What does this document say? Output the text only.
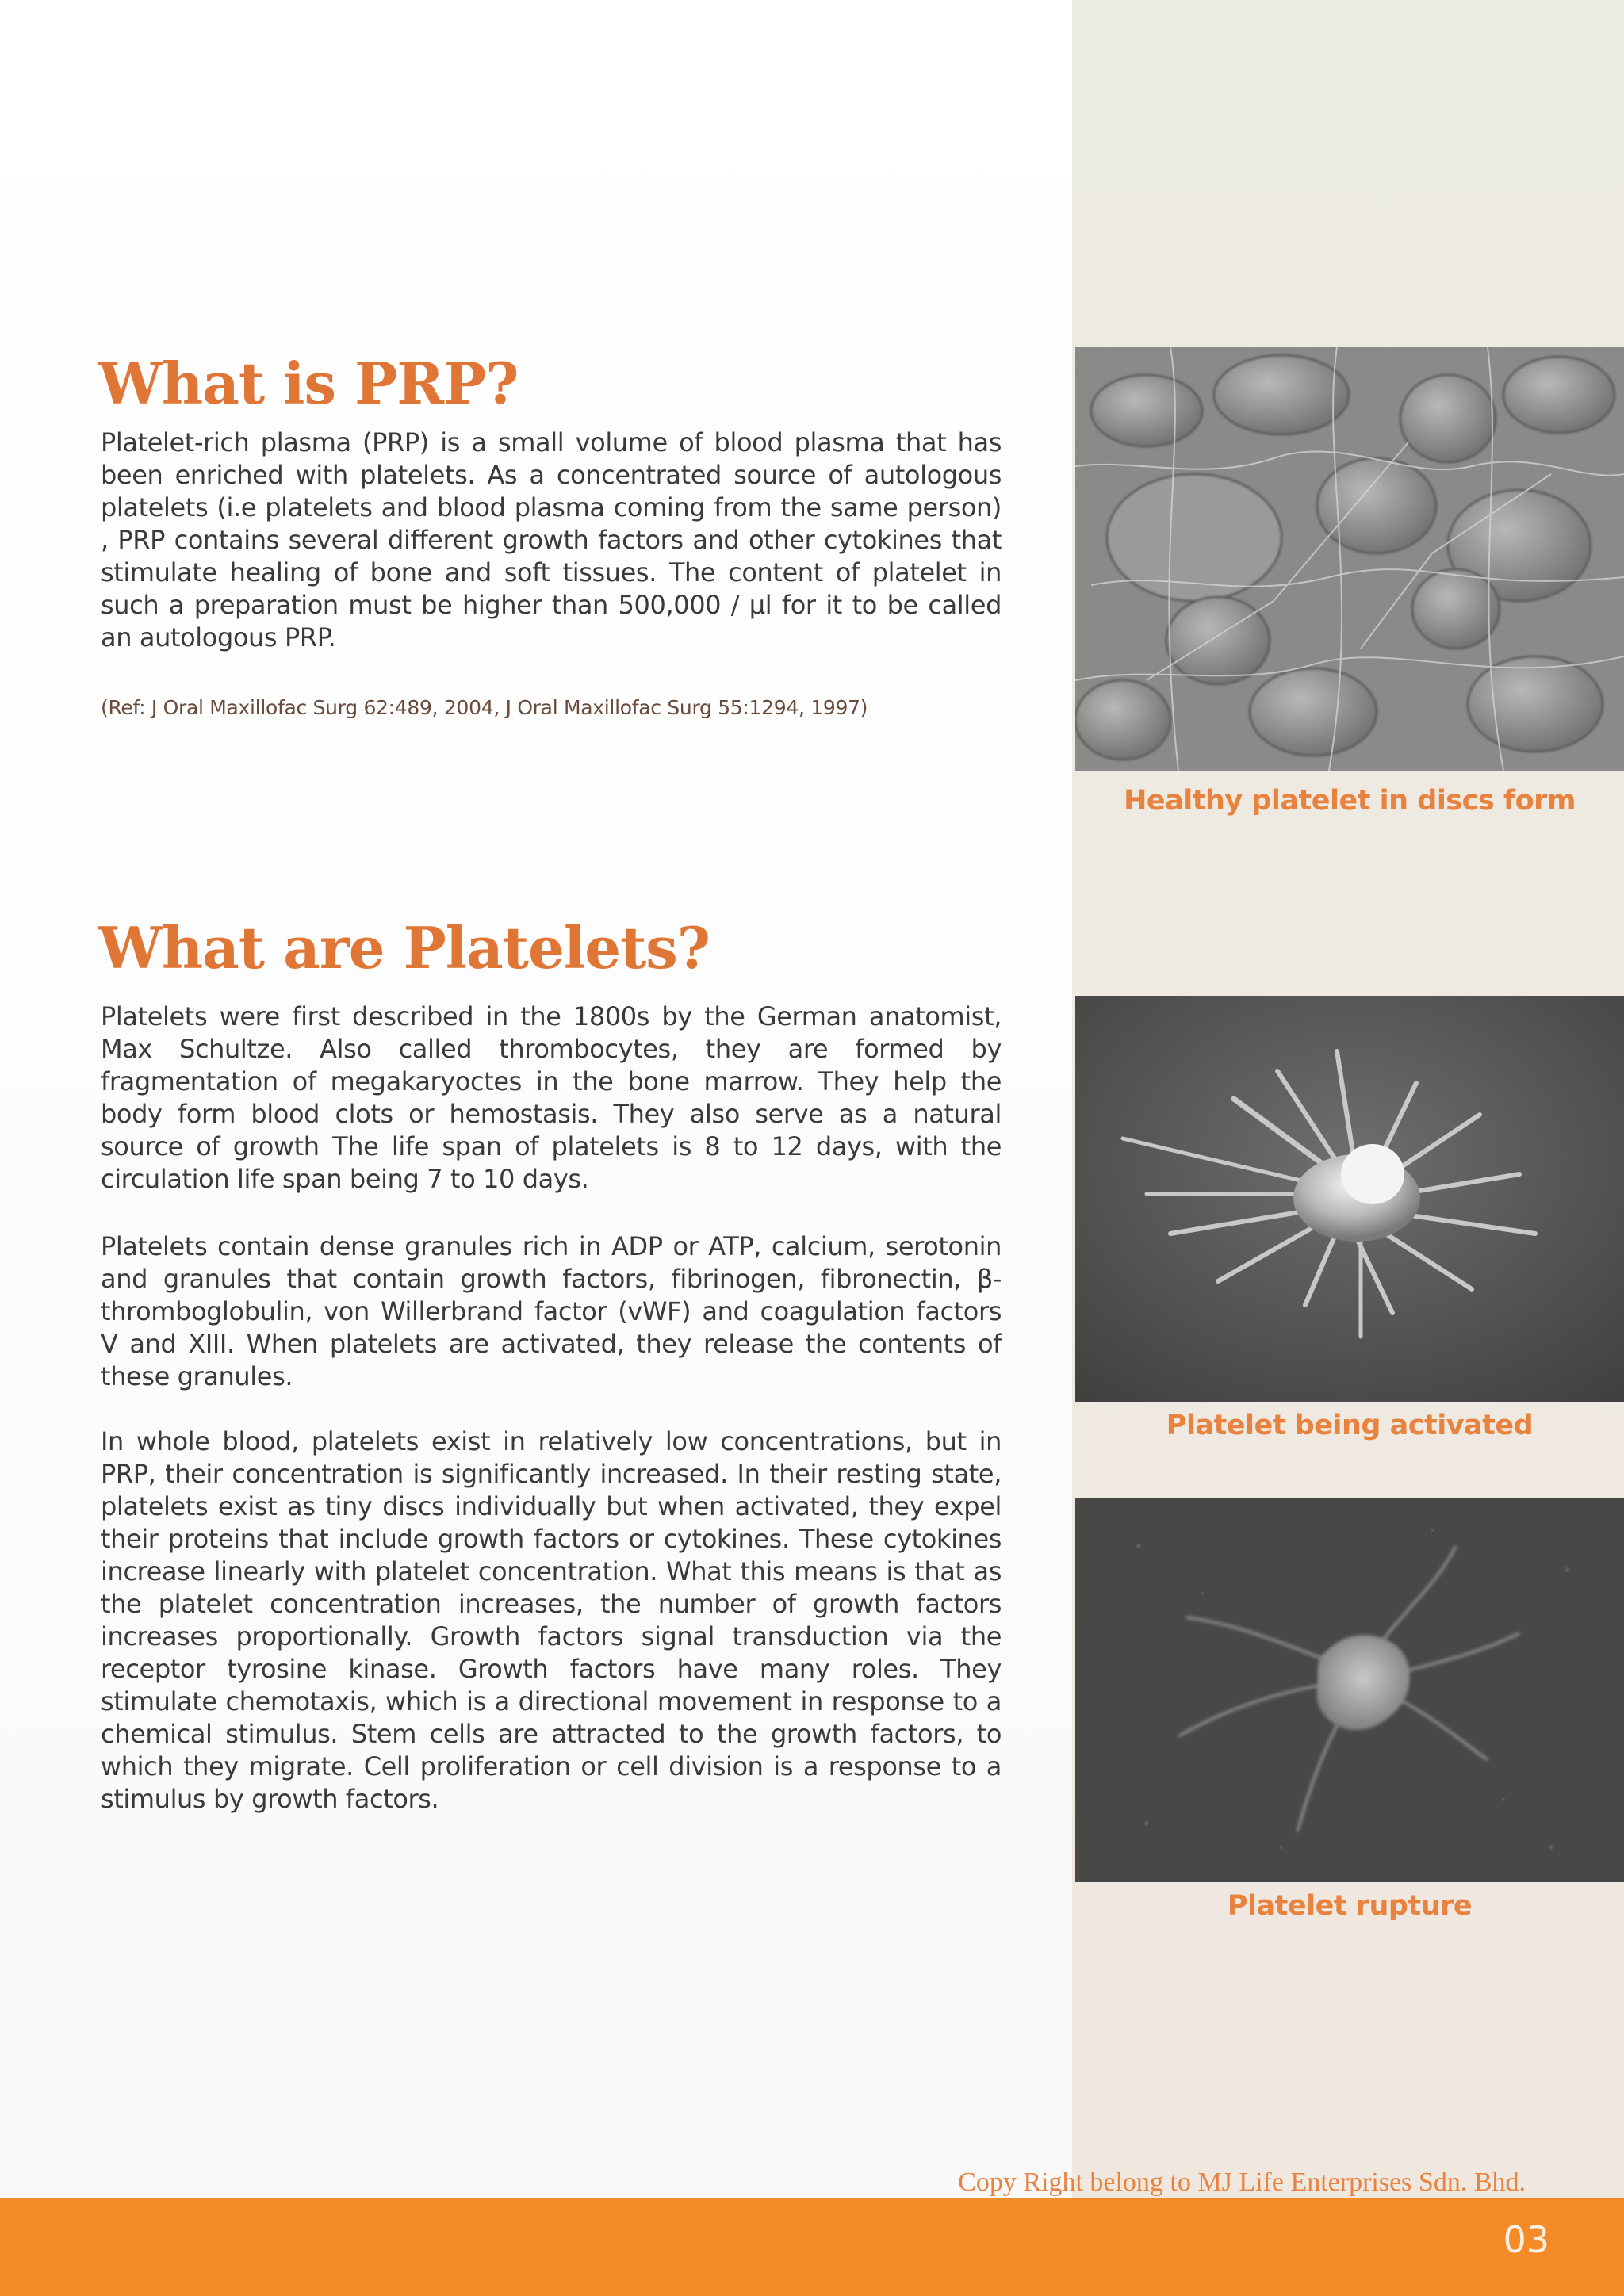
What is PRP?

Platelet-rich plasma (PRP) is a small volume of blood plasma that has been enriched with platelets. As a concentrated source of autologous platelets (i.e platelets and blood plasma coming from the same person) , PRP contains several different growth factors and other cytokines that stimulate healing of bone and soft tissues. The content of platelet in such a preparation must be higher than 500,000 / µl for it to be called an autologous PRP.

(Ref: J Oral Maxillofac Surg 62:489, 2004, J Oral Maxillofac Surg 55:1294, 1997)

What are Platelets?

Platelets were first described in the 1800s by the German anatomist, Max Schultze. Also called thrombocytes, they are formed by fragmentation of megakaryoctes in the bone marrow. They help the body form blood clots or hemostasis. They also serve as a natural source of growth The life span of platelets is 8 to 12 days, with the circulation life span being 7 to 10 days.

Platelets contain dense granules rich in ADP or ATP, calcium, serotonin and granules that contain growth factors, fibrinogen, fibronectin, β-thromboglobulin, von Willerbrand factor (vWF) and coagulation factors V and XIII. When platelets are activated, they release the contents of these granules.

In whole blood, platelets exist in relatively low concentrations, but in PRP, their concentration is significantly increased. In their resting state, platelets exist as tiny discs individually but when activated, they expel their proteins that include growth factors or cytokines. These cytokines increase linearly with platelet concentration. What this means is that as the platelet concentration increases, the number of growth factors increases proportionally. Growth factors signal transduction via the receptor tyrosine kinase. Growth factors have many roles. They stimulate chemotaxis, which is a directional movement in response to a chemical stimulus. Stem cells are attracted to the growth factors, to which they migrate. Cell proliferation or cell division is a response to a stimulus by growth factors.

Healthy platelet in discs form

Platelet being activated

Platelet rupture

Copy Right belong to MJ Life Enterprises Sdn. Bhd.

03
